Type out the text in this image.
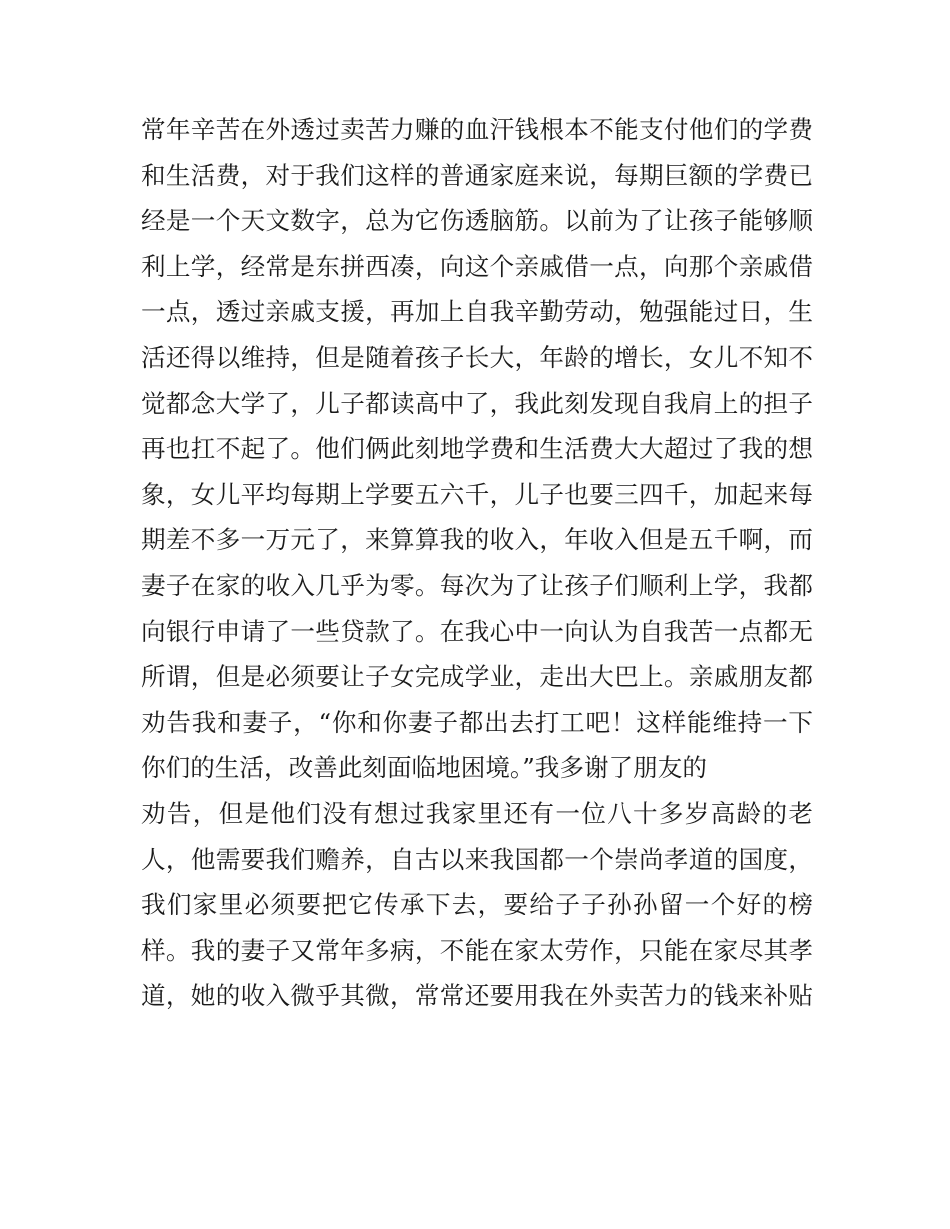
常年辛苦在外透过卖苦力赚的血汗钱根本不能支付他们的学费
和生活费，对于我们这样的普通家庭来说，每期巨额的学费已
经是一个天文数字，总为它伤透脑筋。以前为了让孩子能够顺
利上学，经常是东拼西凑，向这个亲戚借一点，向那个亲戚借
一点，透过亲戚支援，再加上自我辛勤劳动，勉强能过日，生
活还得以维持，但是随着孩子长大，年龄的增长，女儿不知不
觉都念大学了，儿子都读高中了，我此刻发现自我肩上的担子
再也扛不起了。他们俩此刻地学费和生活费大大超过了我的想
象，女儿平均每期上学要五六千，儿子也要三四千，加起来每
期差不多一万元了，来算算我的收入，年收入但是五千啊，而
妻子在家的收入几乎为零。每次为了让孩子们顺利上学，我都
向银行申请了一些贷款了。在我心中一向认为自我苦一点都无
所谓，但是必须要让子女完成学业，走出大巴上。亲戚朋友都
劝告我和妻子，“你和你妻子都出去打工吧！这样能维持一下
你们的生活，改善此刻面临地困境。”我多谢了朋友的
劝告，但是他们没有想过我家里还有一位八十多岁高龄的老
人，他需要我们赡养，自古以来我国都一个崇尚孝道的国度，
我们家里必须要把它传承下去，要给子子孙孙留一个好的榜
样。我的妻子又常年多病，不能在家太劳作，只能在家尽其孝
道，她的收入微乎其微，常常还要用我在外卖苦力的钱来补贴
